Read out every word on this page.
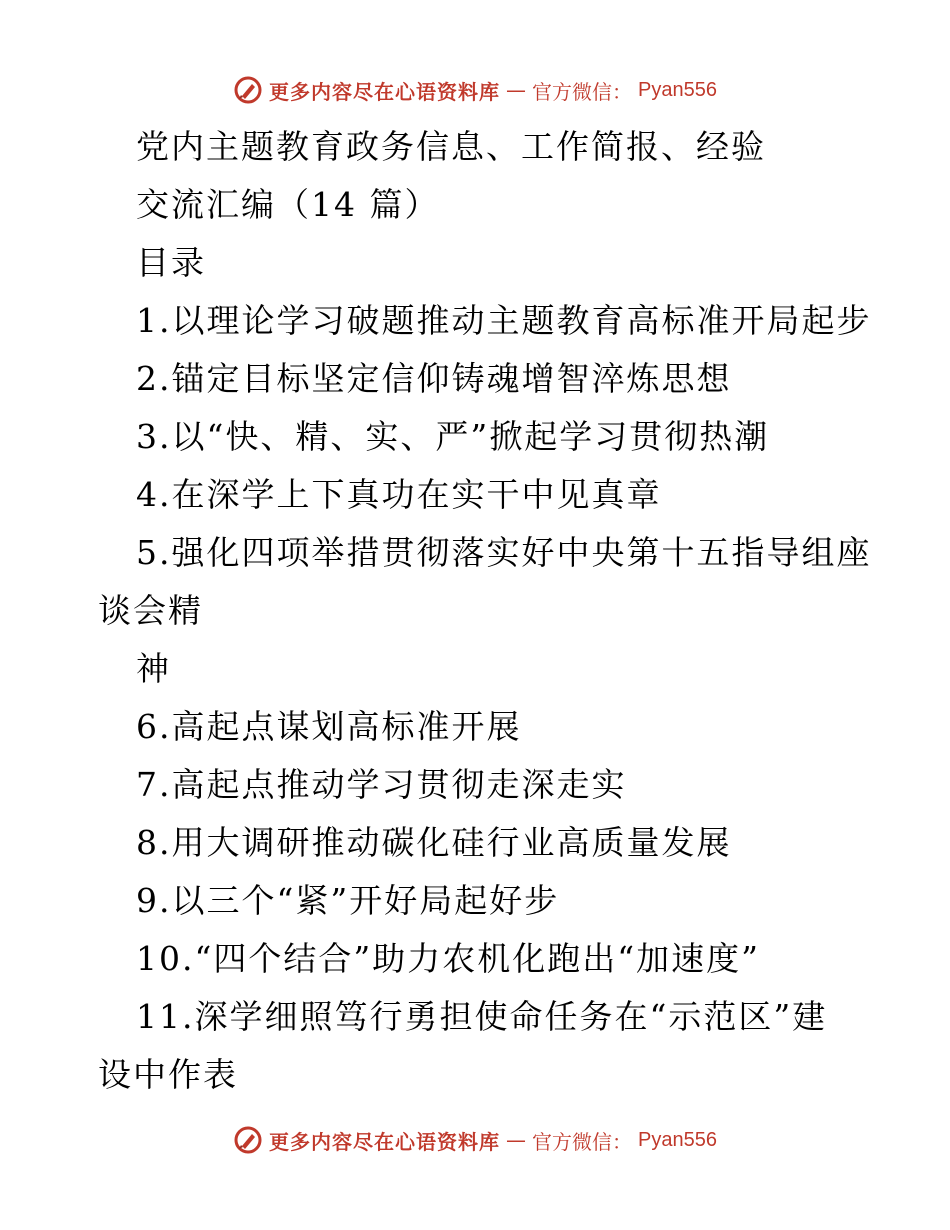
更多内容尽在心语资料库 — 官方微信： Pyan556
党内主题教育政务信息、工作简报、经验
交流汇编（14 篇）
目录
1.以理论学习破题推动主题教育高标准开局起步
2.锚定目标坚定信仰铸魂增智淬炼思想
3.以“快、精、实、严”掀起学习贯彻热潮
4.在深学上下真功在实干中见真章
5.强化四项举措贯彻落实好中央第十五指导组座
谈会精
神
6.高起点谋划高标准开展
7.高起点推动学习贯彻走深走实
8.用大调研推动碳化硅行业高质量发展
9.以三个“紧”开好局起好步
10.“四个结合”助力农机化跑出“加速度”
11.深学细照笃行勇担使命任务在“示范区”建
设中作表
更多内容尽在心语资料库 — 官方微信： Pyan556
